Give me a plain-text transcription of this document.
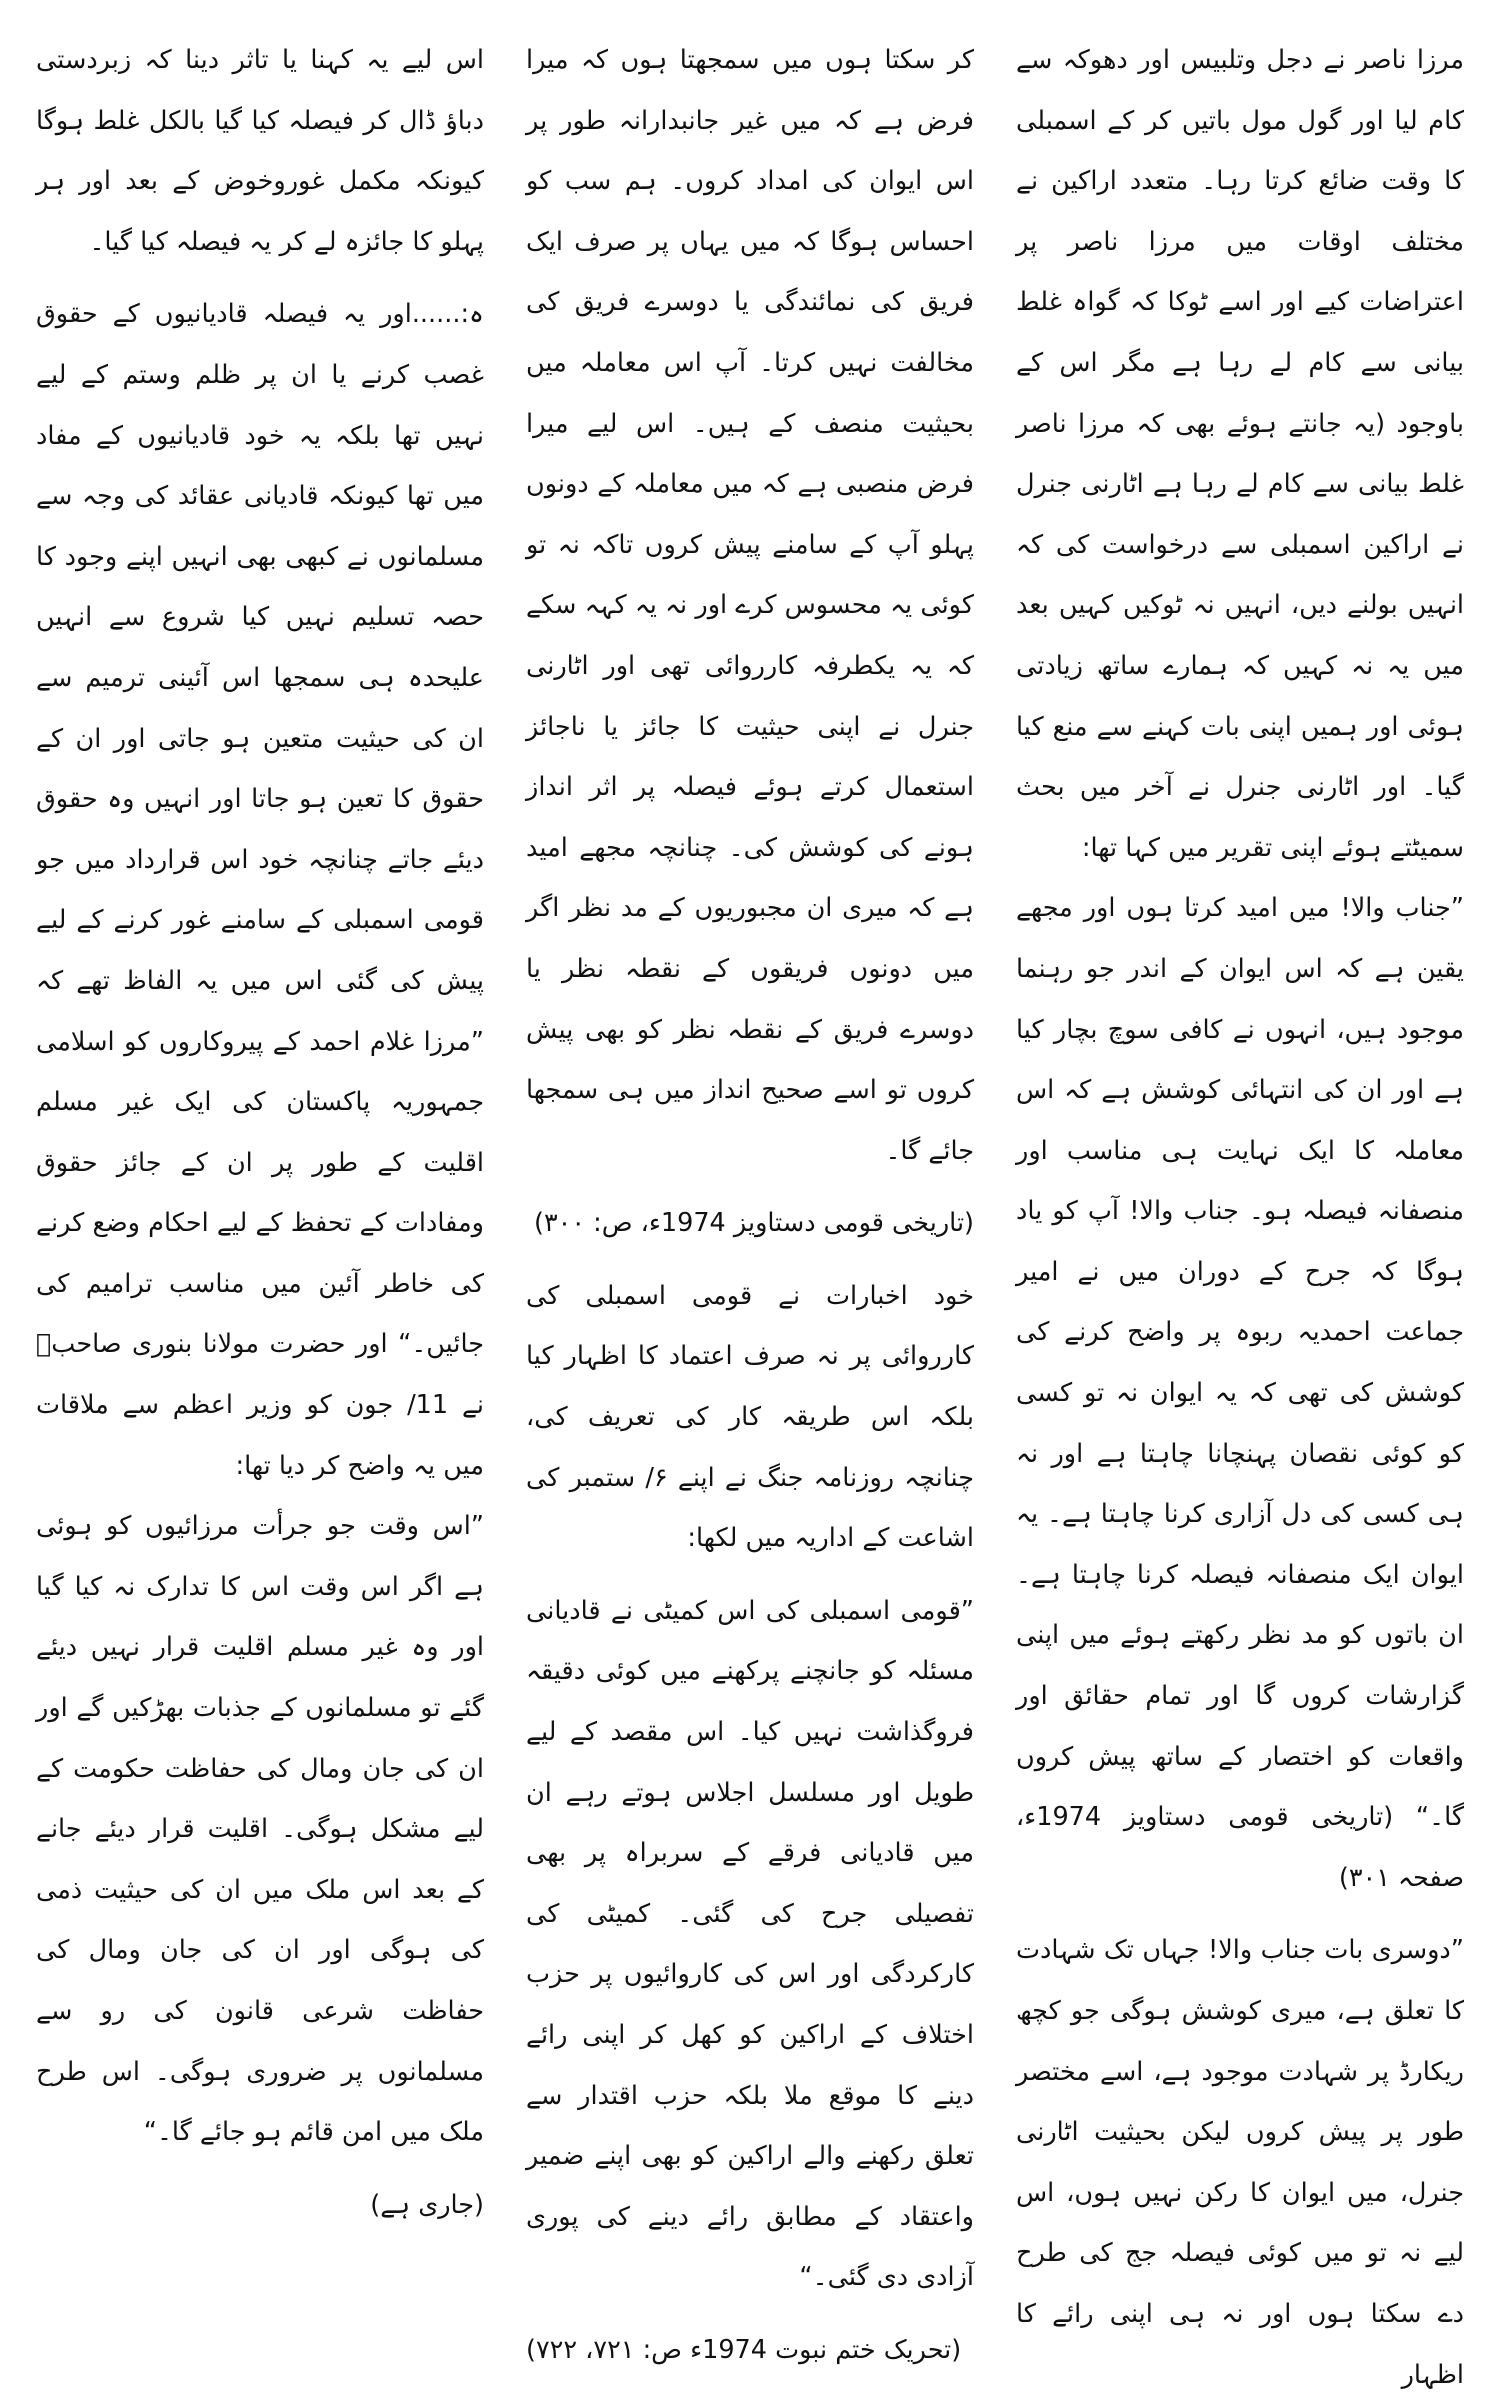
مرزا ناصر نے دجل وتلبیس اور دھوکہ سے کام لیا اور گول مول باتیں کر کے اسمبلی کا وقت ضائع کرتا رہا۔ متعدد اراکین نے مختلف اوقات میں مرزا ناصر پر اعتراضات کیے اور اسے ٹوکا کہ گواہ غلط بیانی سے کام لے رہا ہے مگر اس کے باوجود (یہ جانتے ہوئے بھی کہ مرزا ناصر غلط بیانی سے کام لے رہا ہے اٹارنی جنرل نے اراکین اسمبلی سے درخواست کی کہ انہیں بولنے دیں، انہیں نہ ٹوکیں کہیں بعد میں یہ نہ کہیں کہ ہمارے ساتھ زیادتی ہوئی اور ہمیں اپنی بات کہنے سے منع کیا گیا۔ اور اٹارنی جنرل نے آخر میں بحث سمیٹتے ہوئے اپنی تقریر میں کہا تھا:

”جناب والا! میں امید کرتا ہوں اور مجھے یقین ہے کہ اس ایوان کے اندر جو رہنما موجود ہیں، انہوں نے کافی سوچ بچار کیا ہے اور ان کی انتہائی کوشش ہے کہ اس معاملہ کا ایک نہایت ہی مناسب اور منصفانہ فیصلہ ہو۔ جناب والا! آپ کو یاد ہوگا کہ جرح کے دوران میں نے امیر جماعت احمدیہ ربوہ پر واضح کرنے کی کوشش کی تھی کہ یہ ایوان نہ تو کسی کو کوئی نقصان پہنچانا چاہتا ہے اور نہ ہی کسی کی دل آزاری کرنا چاہتا ہے۔ یہ ایوان ایک منصفانہ فیصلہ کرنا چاہتا ہے۔ ان باتوں کو مد نظر رکھتے ہوئے میں اپنی گزارشات کروں گا اور تمام حقائق اور واقعات کو اختصار کے ساتھ پیش کروں گا۔“ (تاریخی قومی دستاویز 1974ء، صفحہ ۳۰۱)

”دوسری بات جناب والا! جہاں تک شہادت کا تعلق ہے، میری کوشش ہوگی جو کچھ ریکارڈ پر شہادت موجود ہے، اسے مختصر طور پر پیش کروں لیکن بحیثیت اٹارنی جنرل، میں ایوان کا رکن نہیں ہوں، اس لیے نہ تو میں کوئی فیصلہ جج کی طرح دے سکتا ہوں اور نہ ہی اپنی رائے کا اظہار

کر سکتا ہوں میں سمجھتا ہوں کہ میرا فرض ہے کہ میں غیر جانبدارانہ طور پر اس ایوان کی امداد کروں۔ ہم سب کو احساس ہوگا کہ میں یہاں پر صرف ایک فریق کی نمائندگی یا دوسرے فریق کی مخالفت نہیں کرتا۔ آپ اس معاملہ میں بحیثیت منصف کے ہیں۔ اس لیے میرا فرض منصبی ہے کہ میں معاملہ کے دونوں پہلو آپ کے سامنے پیش کروں تاکہ نہ تو کوئی یہ محسوس کرے اور نہ یہ کہہ سکے کہ یہ یکطرفہ کارروائی تھی اور اٹارنی جنرل نے اپنی حیثیت کا جائز یا ناجائز استعمال کرتے ہوئے فیصلہ پر اثر انداز ہونے کی کوشش کی۔ چنانچہ مجھے امید ہے کہ میری ان مجبوریوں کے مد نظر اگر میں دونوں فریقوں کے نقطہ نظر یا دوسرے فریق کے نقطہ نظر کو بھی پیش کروں تو اسے صحیح انداز میں ہی سمجھا جائے گا۔

(تاریخی قومی دستاویز 1974ء، ص: ۳۰۰)

خود اخبارات نے قومی اسمبلی کی کارروائی پر نہ صرف اعتماد کا اظہار کیا بلکہ اس طریقہ کار کی تعریف کی، چنانچہ روزنامہ جنگ نے اپنے ۶/ ستمبر کی اشاعت کے اداریہ میں لکھا:

”قومی اسمبلی کی اس کمیٹی نے قادیانی مسئلہ کو جانچنے پرکھنے میں کوئی دقیقہ فروگذاشت نہیں کیا۔ اس مقصد کے لیے طویل اور مسلسل اجلاس ہوتے رہے ان میں قادیانی فرقے کے سربراہ پر بھی تفصیلی جرح کی گئی۔ کمیٹی کی کارکردگی اور اس کی کاروائیوں پر حزب اختلاف کے اراکین کو کھل کر اپنی رائے دینے کا موقع ملا بلکہ حزب اقتدار سے تعلق رکھنے والے اراکین کو بھی اپنے ضمیر واعتقاد کے مطابق رائے دینے کی پوری آزادی دی گئی۔“

(تحریک ختم نبوت 1974ء ص: ۷۲۱، ۷۲۲)

اس لیے یہ کہنا یا تاثر دینا کہ زبردستی دباؤ ڈال کر فیصلہ کیا گیا بالکل غلط ہوگا کیونکہ مکمل غوروخوض کے بعد اور ہر پہلو کا جائزہ لے کر یہ فیصلہ کیا گیا۔

ہ:......اور یہ فیصلہ قادیانیوں کے حقوق غصب کرنے یا ان پر ظلم وستم کے لیے نہیں تھا بلکہ یہ خود قادیانیوں کے مفاد میں تھا کیونکہ قادیانی عقائد کی وجہ سے مسلمانوں نے کبھی بھی انہیں اپنے وجود کا حصہ تسلیم نہیں کیا شروع سے انہیں علیحدہ ہی سمجھا اس آئینی ترمیم سے ان کی حیثیت متعین ہو جاتی اور ان کے حقوق کا تعین ہو جاتا اور انہیں وہ حقوق دیئے جاتے چنانچہ خود اس قرارداد میں جو قومی اسمبلی کے سامنے غور کرنے کے لیے پیش کی گئی اس میں یہ الفاظ تھے کہ ”مرزا غلام احمد کے پیروکاروں کو اسلامی جمہوریہ پاکستان کی ایک غیر مسلم اقلیت کے طور پر ان کے جائز حقوق ومفادات کے تحفظ کے لیے احکام وضع کرنے کی خاطر آئین میں مناسب ترامیم کی جائیں۔“ اور حضرت مولانا بنوری صاحبؒ نے 11/ جون کو وزیر اعظم سے ملاقات میں یہ واضح کر دیا تھا:

”اس وقت جو جرأت مرزائیوں کو ہوئی ہے اگر اس وقت اس کا تدارک نہ کیا گیا اور وہ غیر مسلم اقلیت قرار نہیں دیئے گئے تو مسلمانوں کے جذبات بھڑکیں گے اور ان کی جان ومال کی حفاظت حکومت کے لیے مشکل ہوگی۔ اقلیت قرار دیئے جانے کے بعد اس ملک میں ان کی حیثیت ذمی کی ہوگی اور ان کی جان ومال کی حفاظت شرعی قانون کی رو سے مسلمانوں پر ضروری ہوگی۔ اس طرح ملک میں امن قائم ہو جائے گا۔“

(جاری ہے)
